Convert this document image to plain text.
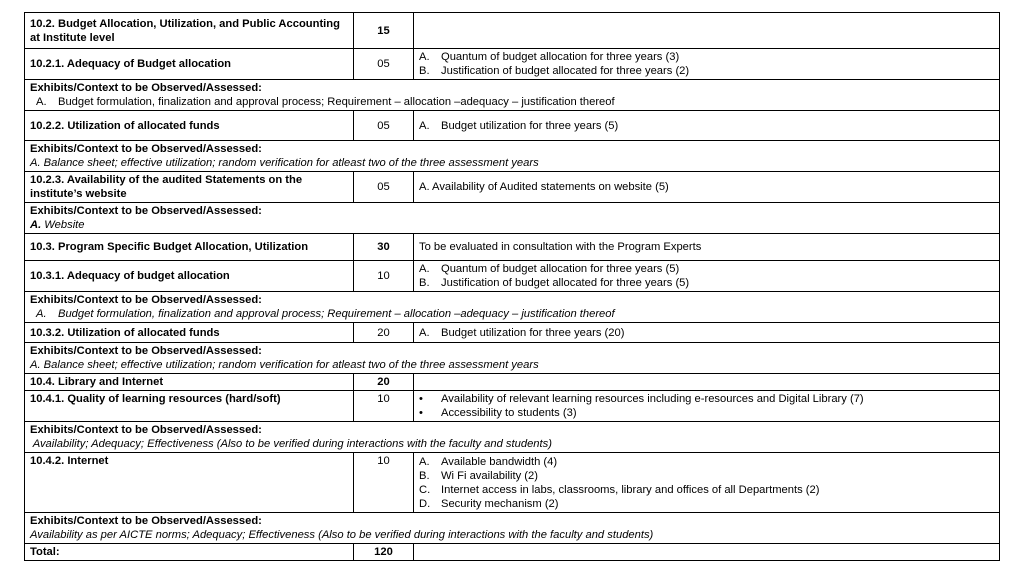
10.2. Budget Allocation, Utilization, and Public Accounting at Institute level	15	
10.2.1. Adequacy of Budget allocation	05	A. Quantum of budget allocation for three years (3)
B. Justification of budget allocated for three years (2)

Exhibits/Context to be Observed/Assessed:
A. Budget formulation, finalization and approval process; Requirement – allocation –adequacy – justification thereof		

10.2.2. Utilization of allocated funds	05	A. Budget utilization for three years (5)

Exhibits/Context to be Observed/Assessed:
A. Balance sheet; effective utilization; random verification for atleast two of the three assessment years		

10.2.3. Availability of the audited Statements on the institute’s website	05	A. Availability of Audited statements on website (5)

Exhibits/Context to be Observed/Assessed:
A. Website		

10.3. Program Specific Budget Allocation, Utilization	30	To be evaluated in consultation with the Program Experts
10.3.1. Adequacy of budget allocation	10	A. Quantum of budget allocation for three years (5)
B. Justification of budget allocated for three years (5)

Exhibits/Context to be Observed/Assessed:
A. Budget formulation, finalization and approval process; Requirement – allocation –adequacy – justification thereof		

10.3.2. Utilization of allocated funds	20	A. Budget utilization for three years (20)

Exhibits/Context to be Observed/Assessed:
A. Balance sheet; effective utilization; random verification for atleast two of the three assessment years		

10.4. Library and Internet	20	
10.4.1. Quality of learning resources (hard/soft)	10	• Availability of relevant learning resources including e-resources and Digital Library (7)
• Accessibility to students (3)

Exhibits/Context to be Observed/Assessed:
Availability; Adequacy; Effectiveness (Also to be verified during interactions with the faculty and students)		

10.4.2. Internet	10	A. Available bandwidth (4)
B. Wi Fi availability (2)
C. Internet access in labs, classrooms, library and offices of all Departments (2)
D. Security mechanism (2)

Exhibits/Context to be Observed/Assessed:
Availability as per AICTE norms; Adequacy; Effectiveness (Also to be verified during interactions with the faculty and students)		

Total:	120	
